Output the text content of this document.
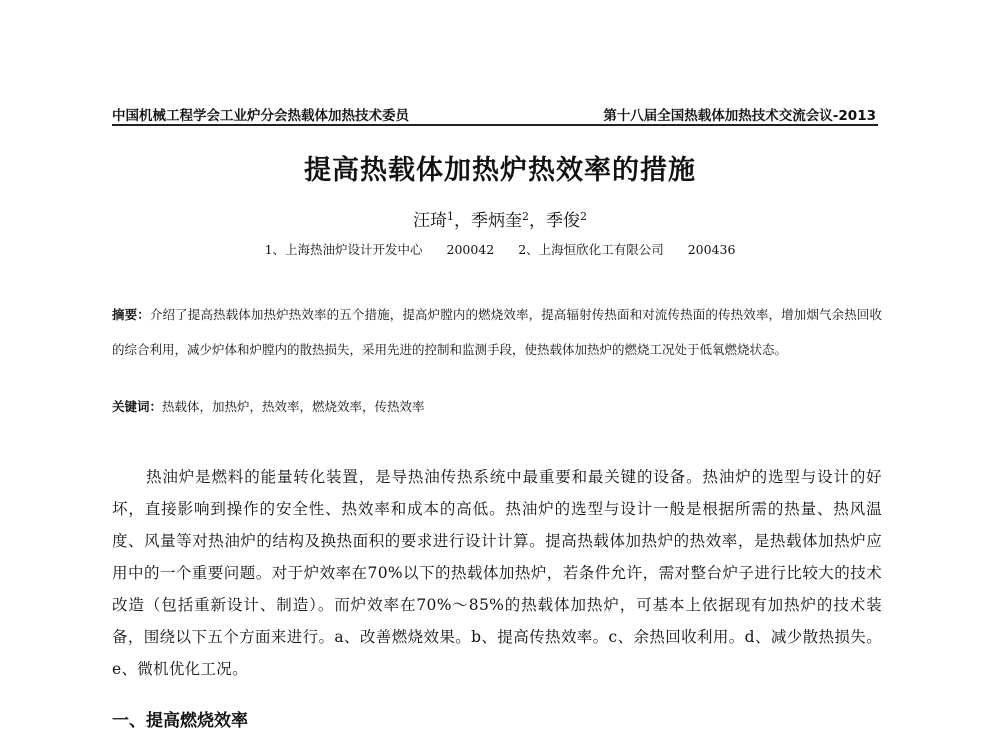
中国机械工程学会工业炉分会热载体加热技术委员	第十八届全国热载体加热技术交流会议-2013
提高热载体加热炉热效率的措施
汪琦$^1$，季炳奎$^2$，季俊$^2$
1、上海热油炉设计开发中心 200042 2、上海恒欣化工有限公司 200436
摘要：介绍了提高热载体加热炉热效率的五个措施，提高炉膛内的燃烧效率，提高辐射传热面和对流传热面的传热效率，增加烟气余热回收的综合利用，减少炉体和炉膛内的散热损失，采用先进的控制和监测手段，使热载体加热炉的燃烧工况处于低氧燃烧状态。
关键词：热载体，加热炉，热效率，燃烧效率，传热效率
热油炉是燃料的能量转化装置，是导热油传热系统中最重要和最关键的设备。热油炉的选型与设计的好坏，直接影响到操作的安全性、热效率和成本的高低。热油炉的选型与设计一般是根据所需的热量、热风温度、风量等对热油炉的结构及换热面积的要求进行设计计算。提高热载体加热炉的热效率，是热载体加热炉应用中的一个重要问题。对于炉效率在70%以下的热载体加热炉，若条件允许，需对整台炉子进行比较大的技术改造（包括重新设计、制造）。而炉效率在70%～85%的热载体加热炉，可基本上依据现有加热炉的技术装备，围绕以下五个方面来进行。a、改善燃烧效果。b、提高传热效率。c、余热回收利用。d、减少散热损失。e、微机优化工况。
一、提高燃烧效率
